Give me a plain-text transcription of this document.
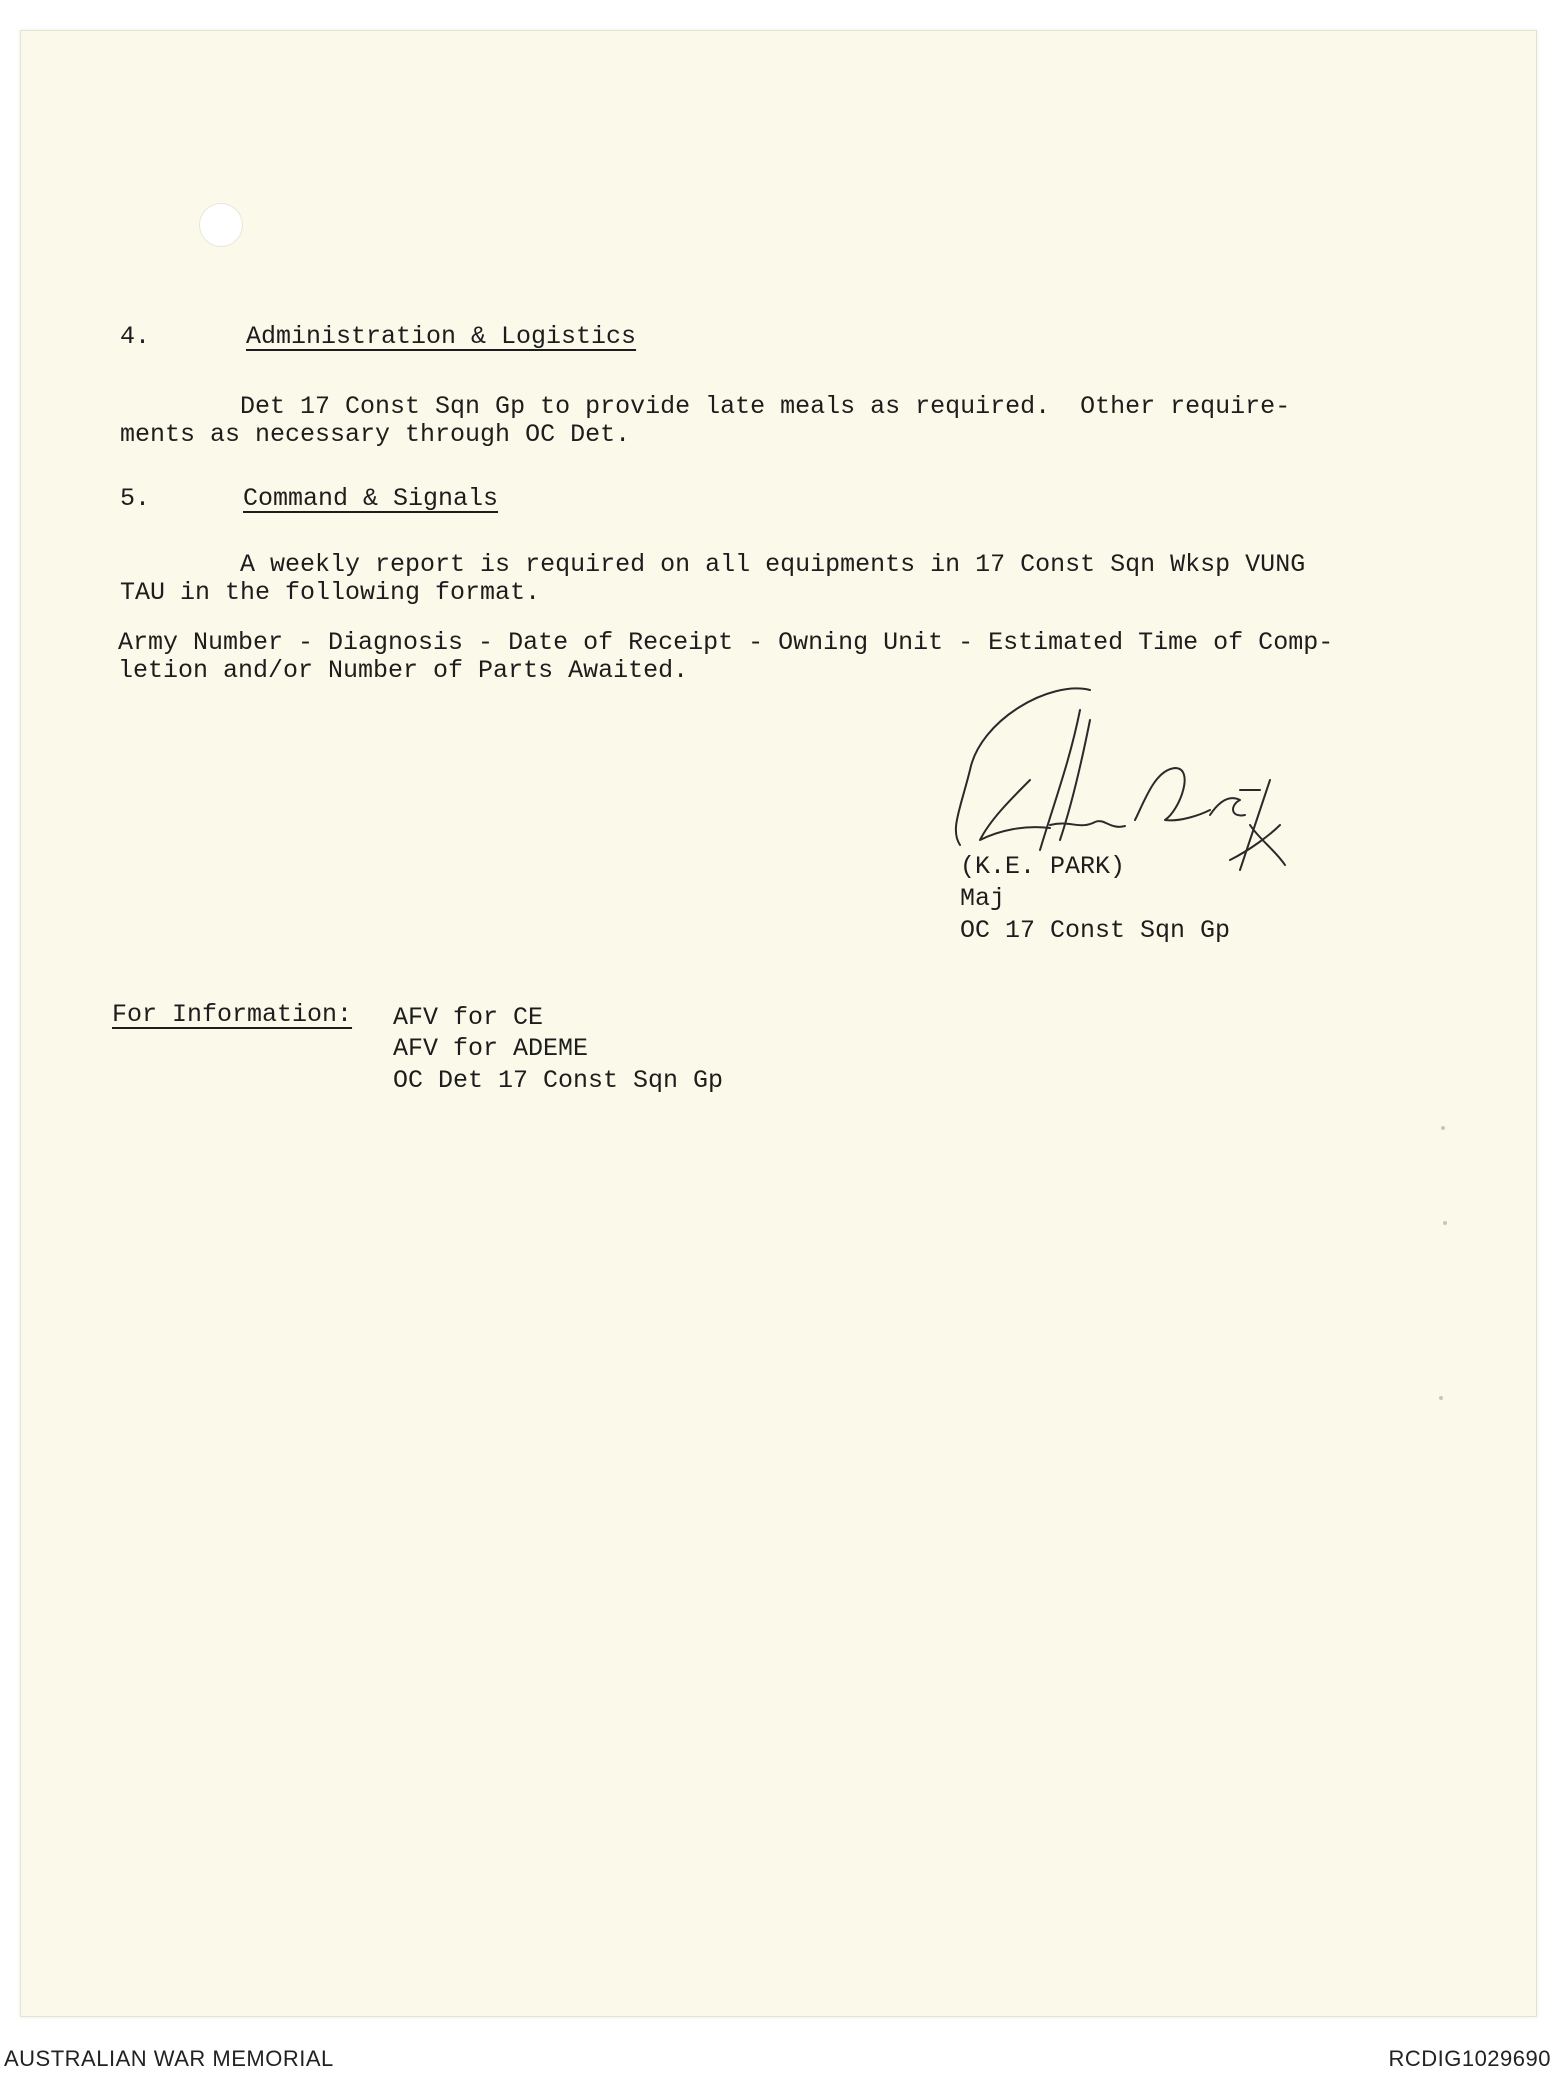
4.	Administration & Logistics
Det 17 Const Sqn Gp to provide late meals as required.  Other require-
ments as necessary through OC Det.
5.	Command & Signals
A weekly report is required on all equipments in 17 Const Sqn Wksp VUNG
TAU in the following format.
Army Number - Diagnosis - Date of Receipt - Owning Unit - Estimated Time of Comp-
letion and/or Number of Parts Awaited.
(K.E. PARK)
Maj
OC 17 Const Sqn Gp
For Information: AFV for CE
AFV for ADEME
OC Det 17 Const Sqn Gp
AUSTRALIAN WAR MEMORIAL	RCDIG1029690
